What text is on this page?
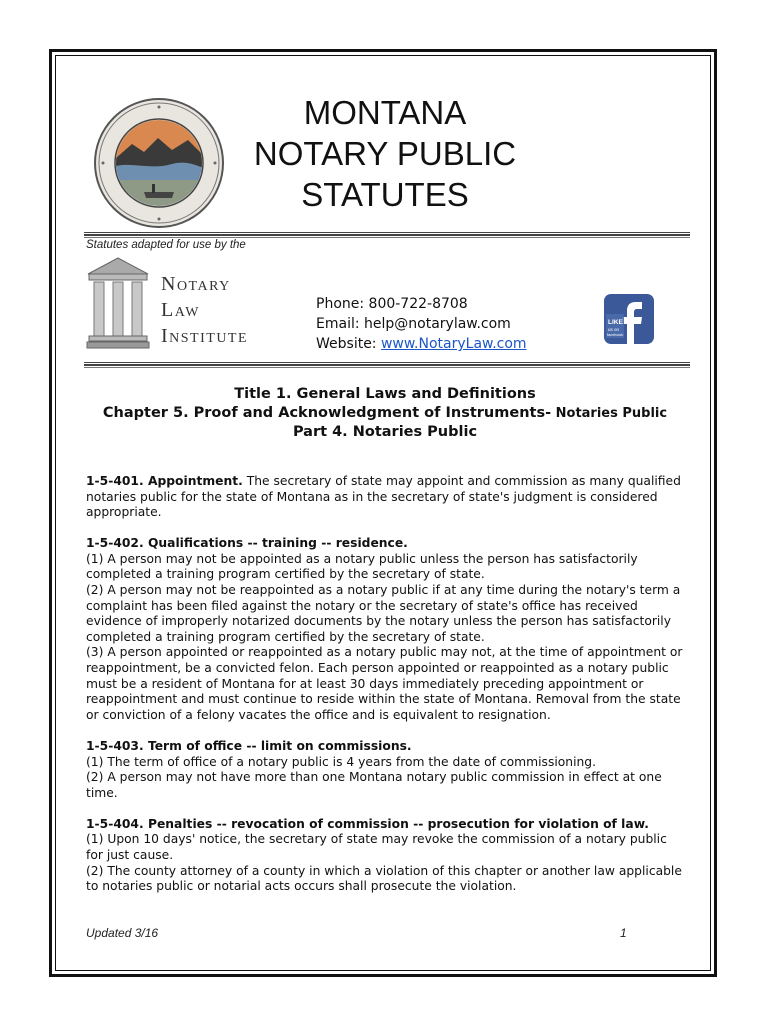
MONTANA
NOTARY PUBLIC
STATUTES
Statutes adapted for use by the
Notary
Law
Institute
Phone: 800-722-8708
Email: help@notarylaw.com
Website: www.NotaryLaw.com
LIKE
us on
facebook
Title 1. General Laws and Definitions
Chapter 5. Proof and Acknowledgment of Instruments- Notaries Public
Part 4. Notaries Public

1-5-401. Appointment. The secretary of state may appoint and commission as many qualified notaries public for the state of Montana as in the secretary of state's judgment is considered appropriate.

1-5-402. Qualifications -- training -- residence.

(1) A person may not be appointed as a notary public unless the person has satisfactorily completed a training program certified by the secretary of state.

(2) A person may not be reappointed as a notary public if at any time during the notary's term a complaint has been filed against the notary or the secretary of state's office has received evidence of improperly notarized documents by the notary unless the person has satisfactorily completed a training program certified by the secretary of state.

(3) A person appointed or reappointed as a notary public may not, at the time of appointment or reappointment, be a convicted felon. Each person appointed or reappointed as a notary public must be a resident of Montana for at least 30 days immediately preceding appointment or reappointment and must continue to reside within the state of Montana. Removal from the state or conviction of a felony vacates the office and is equivalent to resignation.

1-5-403. Term of office -- limit on commissions.

(1) The term of office of a notary public is 4 years from the date of commissioning.

(2) A person may not have more than one Montana notary public commission in effect at one time.

1-5-404. Penalties -- revocation of commission -- prosecution for violation of law.

(1) Upon 10 days' notice, the secretary of state may revoke the commission of a notary public for just cause.

(2) The county attorney of a county in which a violation of this chapter or another law applicable to notaries public or notarial acts occurs shall prosecute the violation.

Updated 3/16	1
